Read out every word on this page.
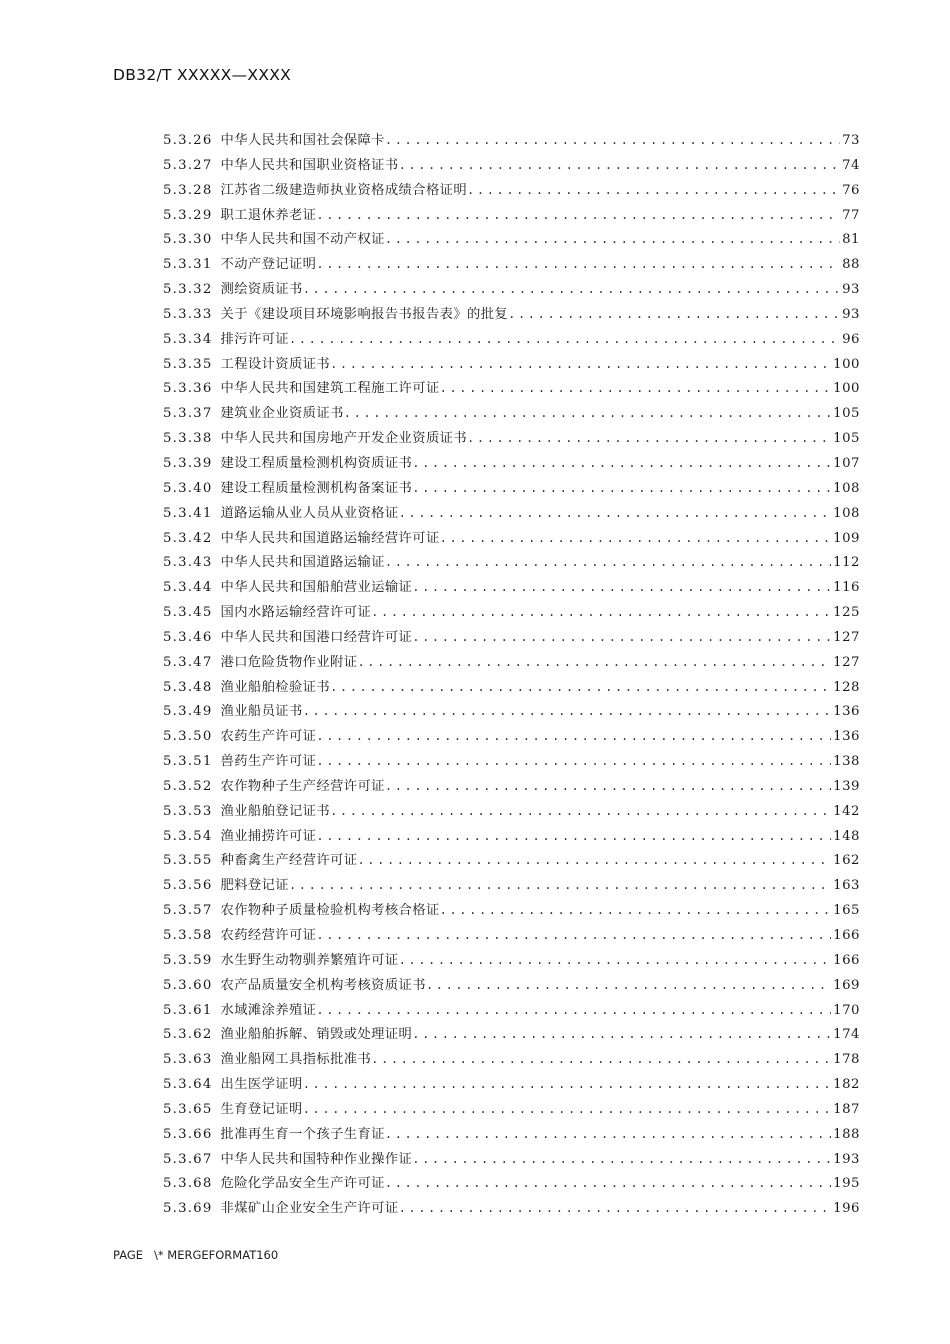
DB32/T XXXXX—XXXX
5.3.26 中华人民共和国社会保障卡 .....	73
5.3.27 中华人民共和国职业资格证书 .....	74
5.3.28 江苏省二级建造师执业资格成绩合格证明 .....	76
5.3.29 职工退休养老证 .....	77
5.3.30 中华人民共和国不动产权证 .....	81
5.3.31 不动产登记证明 .....	88
5.3.32 测绘资质证书 .....	93
5.3.33 关于《建设项目环境影响报告书报告表》的批复 .....	93
5.3.34 排污许可证 .....	96
5.3.35 工程设计资质证书 .....	100
5.3.36 中华人民共和国建筑工程施工许可证 .....	100
5.3.37 建筑业企业资质证书 .....	105
5.3.38 中华人民共和国房地产开发企业资质证书 .....	105
5.3.39 建设工程质量检测机构资质证书 .....	107
5.3.40 建设工程质量检测机构备案证书 .....	108
5.3.41 道路运输从业人员从业资格证 .....	108
5.3.42 中华人民共和国道路运输经营许可证 .....	109
5.3.43 中华人民共和国道路运输证 .....	112
5.3.44 中华人民共和国船舶营业运输证 .....	116
5.3.45 国内水路运输经营许可证 .....	125
5.3.46 中华人民共和国港口经营许可证 .....	127
5.3.47 港口危险货物作业附证 .....	127
5.3.48 渔业船舶检验证书 .....	128
5.3.49 渔业船员证书 .....	136
5.3.50 农药生产许可证 .....	136
5.3.51 兽药生产许可证 .....	138
5.3.52 农作物种子生产经营许可证 .....	139
5.3.53 渔业船舶登记证书 .....	142
5.3.54 渔业捕捞许可证 .....	148
5.3.55 种畜禽生产经营许可证 .....	162
5.3.56 肥料登记证 .....	163
5.3.57 农作物种子质量检验机构考核合格证 .....	165
5.3.58 农药经营许可证 .....	166
5.3.59 水生野生动物驯养繁殖许可证 .....	166
5.3.60 农产品质量安全机构考核资质证书 .....	169
5.3.61 水域滩涂养殖证 .....	170
5.3.62 渔业船舶拆解、销毁或处理证明 .....	174
5.3.63 渔业船网工具指标批准书 .....	178
5.3.64 出生医学证明 .....	182
5.3.65 生育登记证明 .....	187
5.3.66 批准再生育一个孩子生育证 .....	188
5.3.67 中华人民共和国特种作业操作证 .....	193
5.3.68 危险化学品安全生产许可证 .....	195
5.3.69 非煤矿山企业安全生产许可证 .....	196
PAGE   \* MERGEFORMAT160
